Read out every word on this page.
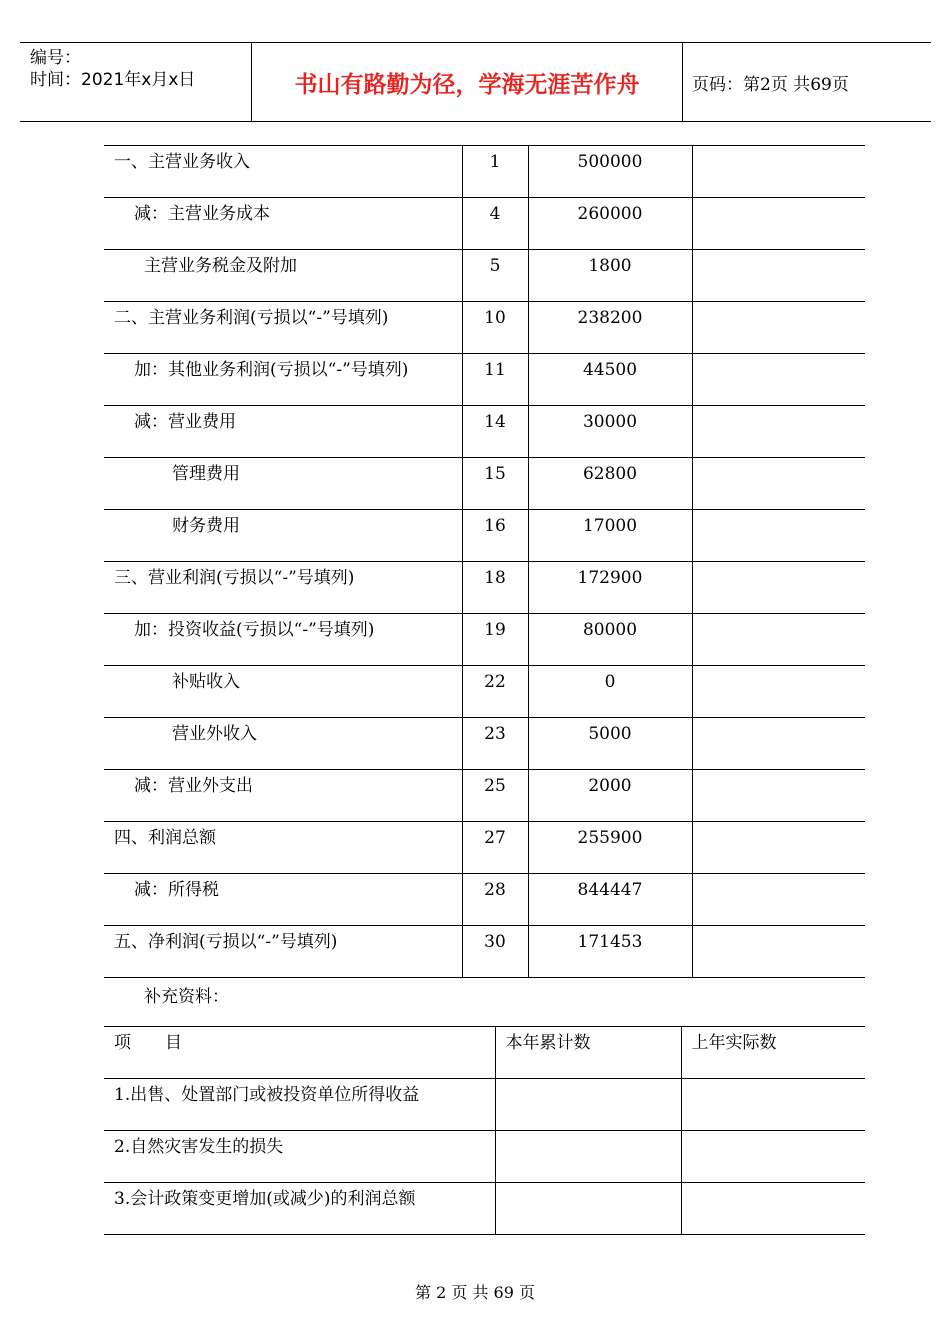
编号：
时间：2021年x月x日	书山有路勤为径，学海无涯苦作舟	页码：第2页 共69页
一、主营业务收入	1	500000	

减：主营业务成本	4	260000	

主营业务税金及附加	5	1800	

二、主营业务利润(亏损以“-”号填列)	10	238200	

加：其他业务利润(亏损以“-”号填列)	11	44500	

减：营业费用	14	30000	

管理费用	15	62800	

财务费用	16	17000	

三、营业利润(亏损以“-”号填列)	18	172900	

加：投资收益(亏损以“-”号填列)	19	80000	

补贴收入	22	0	

营业外收入	23	5000	

减：营业外支出	25	2000	

四、利润总额	27	255900	

减：所得税	28	844447	

五、净利润(亏损以“-”号填列)	30	171453	

补充资料：
项　　目	本年累计数	上年实际数

1.出售、处置部门或被投资单位所得收益		

2.自然灾害发生的损失		

3.会计政策变更增加(或减少)的利润总额		

第 2 页 共 69 页
